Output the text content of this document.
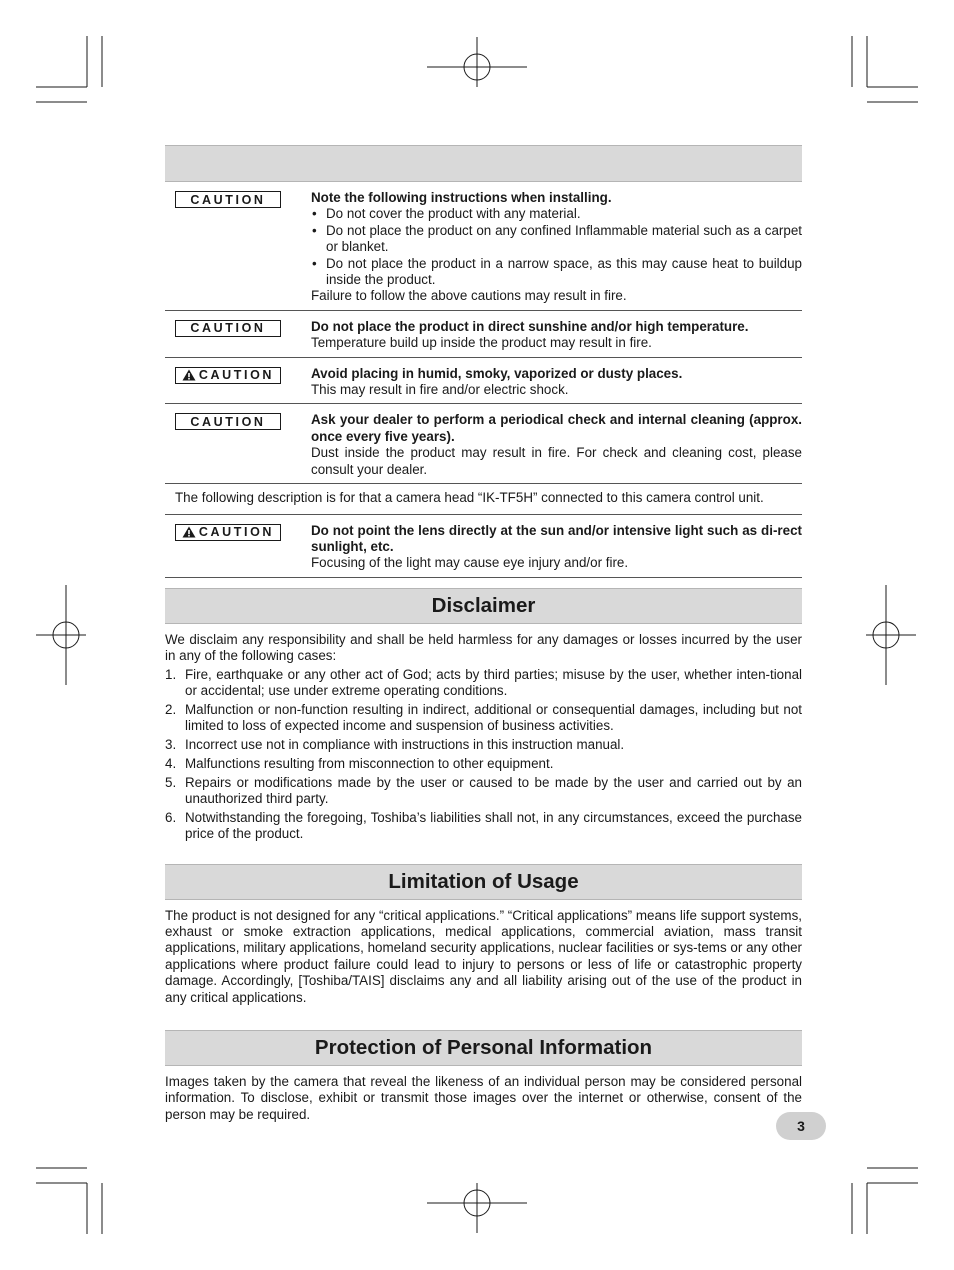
CAUTION	Note the following instructions when installing.
• Do not cover the product with any material.
• Do not place the product on any confined Inflammable material such as a carpet or blanket.
• Do not place the product in a narrow space, as this may cause heat to buildup inside the product.
Failure to follow the above cautions may result in fire.
CAUTION	Do not place the product in direct sunshine and/or high temperature.
Temperature build up inside the product may result in fire.
CAUTION	Avoid placing in humid, smoky, vaporized or dusty places.
This may result in fire and/or electric shock.
CAUTION	Ask your dealer to perform a periodical check and internal cleaning (approx. once every five years).
Dust inside the product may result in fire. For check and cleaning cost, please consult your dealer.
The following description is for that a camera head “IK-TF5H” connected to this camera control unit.
CAUTION	Do not point the lens directly at the sun and/or intensive light such as di-rect sunlight, etc.
Focusing of the light may cause eye injury and/or fire.
Disclaimer
We disclaim any responsibility and shall be held harmless for any damages or losses incurred by the user in any of the following cases:
1. Fire, earthquake or any other act of God; acts by third parties; misuse by the user, whether inten-tional or accidental; use under extreme operating conditions.
2. Malfunction or non-function resulting in indirect, additional or consequential damages, including but not limited to loss of expected income and suspension of business activities.
3. Incorrect use not in compliance with instructions in this instruction manual.
4. Malfunctions resulting from misconnection to other equipment.
5. Repairs or modifications made by the user or caused to be made by the user and carried out by an unauthorized third party.
6. Notwithstanding the foregoing, Toshiba’s liabilities shall not, in any circumstances, exceed the purchase price of the product.
Limitation of Usage
The product is not designed for any “critical applications.” “Critical applications” means life support systems, exhaust or smoke extraction applications, medical applications, commercial aviation, mass transit applications, military applications, homeland security applications, nuclear facilities or sys-tems or any other applications where product failure could lead to injury to persons or less of life or catastrophic property damage. Accordingly, [Toshiba/TAIS] disclaims any and all liability arising out of the use of the product in any critical applications.
Protection of Personal Information
Images taken by the camera that reveal the likeness of an individual person may be considered personal information. To disclose, exhibit or transmit those images over the internet or otherwise, consent of the person may be required.
3
